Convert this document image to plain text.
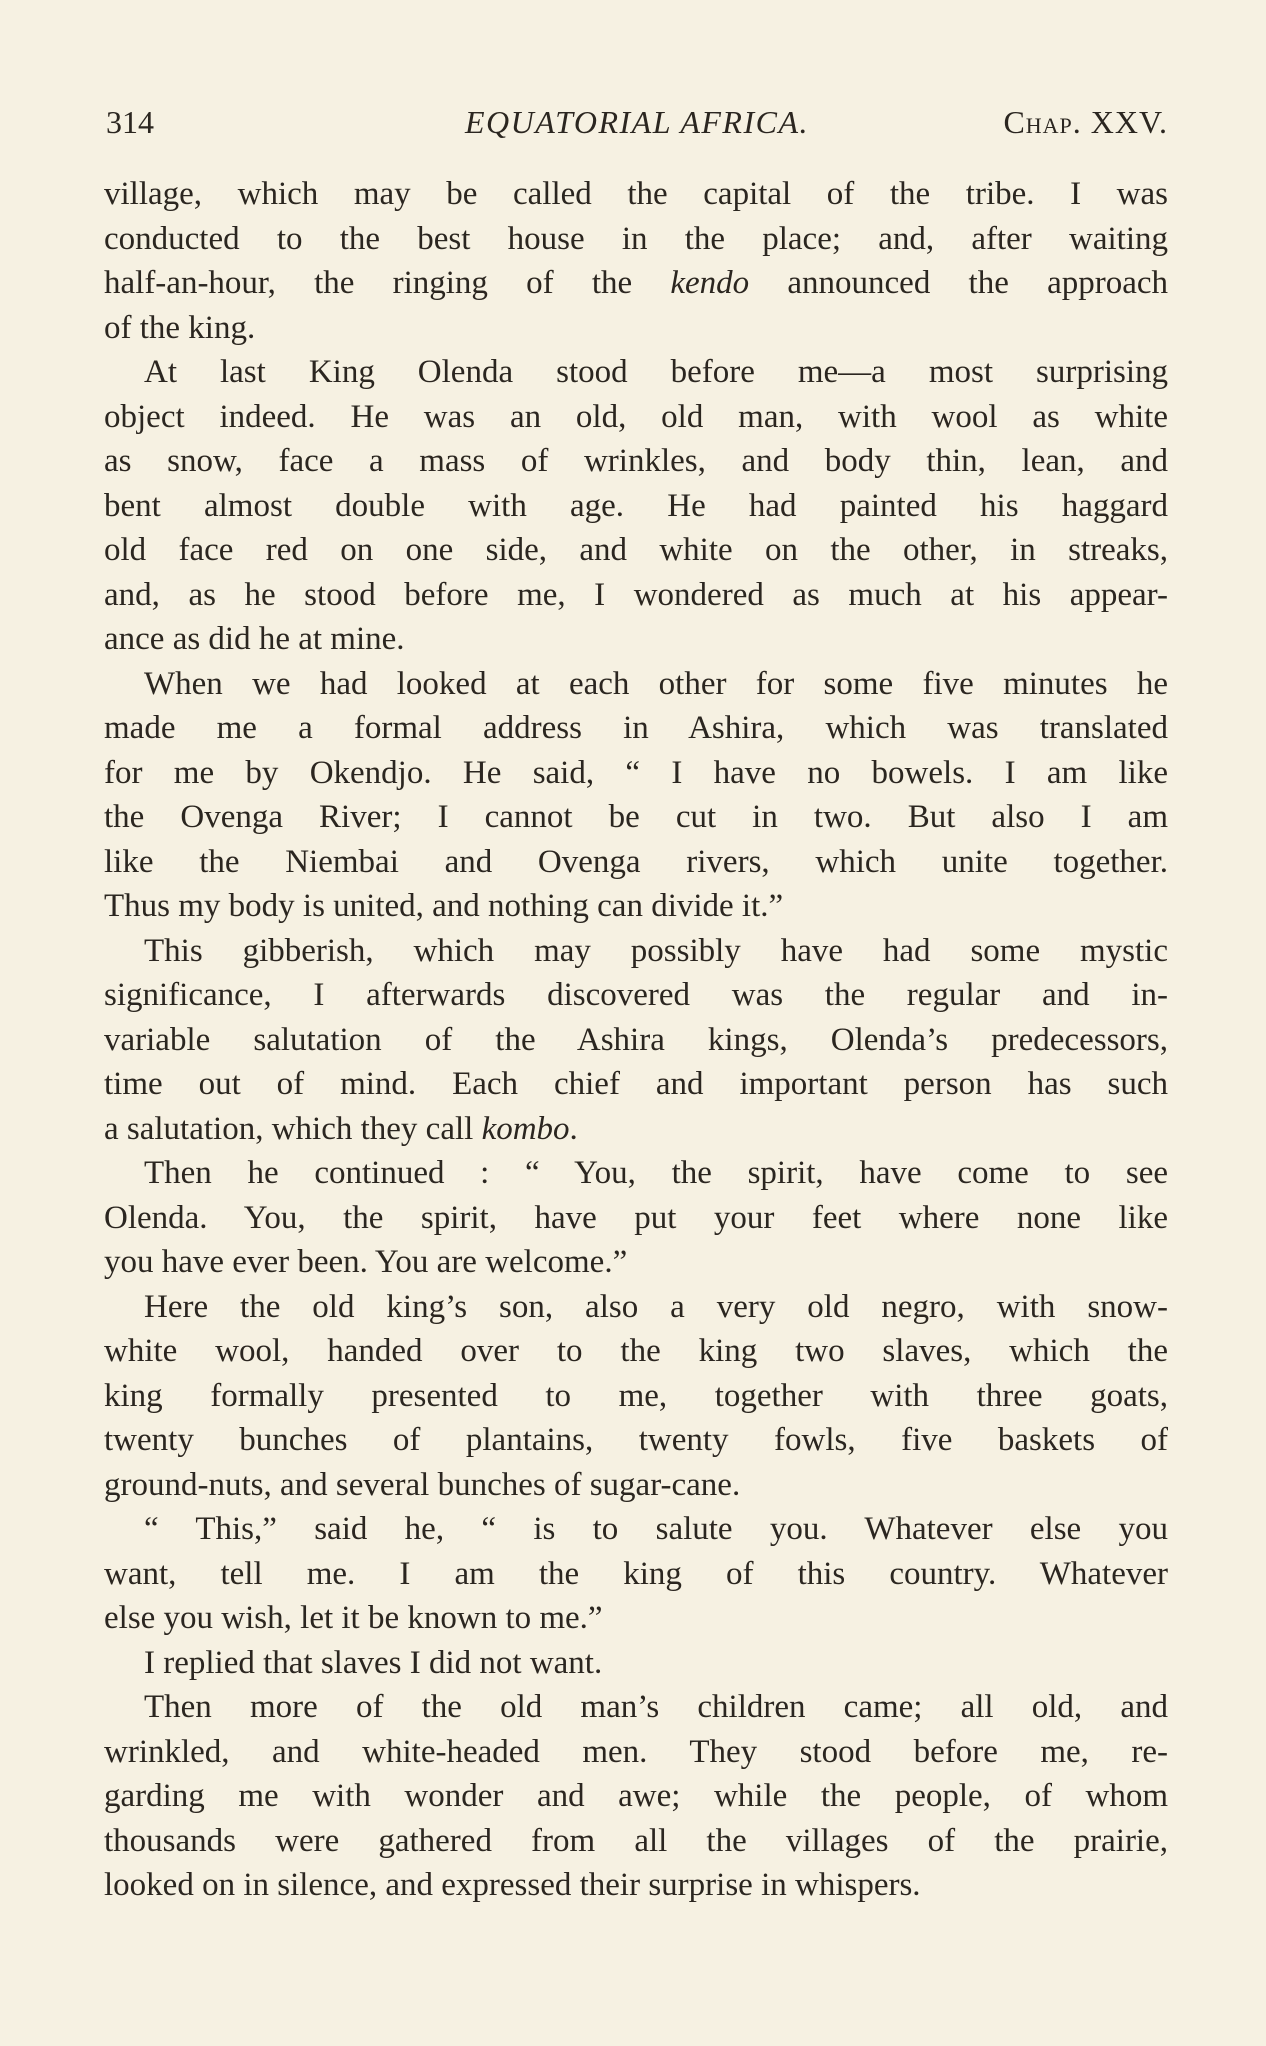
314	EQUATORIAL AFRICA.	Chap. XXV.
village, which may be called the capital of the tribe. I was
conducted to the best house in the place; and, after waiting
half-an-hour, the ringing of the kendo announced the approach
of the king.
At last King Olenda stood before me—a most surprising
object indeed. He was an old, old man, with wool as white
as snow, face a mass of wrinkles, and body thin, lean, and
bent almost double with age. He had painted his haggard
old face red on one side, and white on the other, in streaks,
and, as he stood before me, I wondered as much at his appear-
ance as did he at mine.
When we had looked at each other for some five minutes he
made me a formal address in Ashira, which was translated
for me by Okendjo. He said, “ I have no bowels. I am like
the Ovenga River; I cannot be cut in two. But also I am
like the Niembai and Ovenga rivers, which unite together.
Thus my body is united, and nothing can divide it.”
This gibberish, which may possibly have had some mystic
significance, I afterwards discovered was the regular and in-
variable salutation of the Ashira kings, Olenda’s predecessors,
time out of mind. Each chief and important person has such
a salutation, which they call kombo.
Then he continued : “ You, the spirit, have come to see
Olenda. You, the spirit, have put your feet where none like
you have ever been. You are welcome.”
Here the old king’s son, also a very old negro, with snow-
white wool, handed over to the king two slaves, which the
king formally presented to me, together with three goats,
twenty bunches of plantains, twenty fowls, five baskets of
ground-nuts, and several bunches of sugar-cane.
“ This,” said he, “ is to salute you. Whatever else you
want, tell me. I am the king of this country. Whatever
else you wish, let it be known to me.”
I replied that slaves I did not want.
Then more of the old man’s children came; all old, and
wrinkled, and white-headed men. They stood before me, re-
garding me with wonder and awe; while the people, of whom
thousands were gathered from all the villages of the prairie,
looked on in silence, and expressed their surprise in whispers.
